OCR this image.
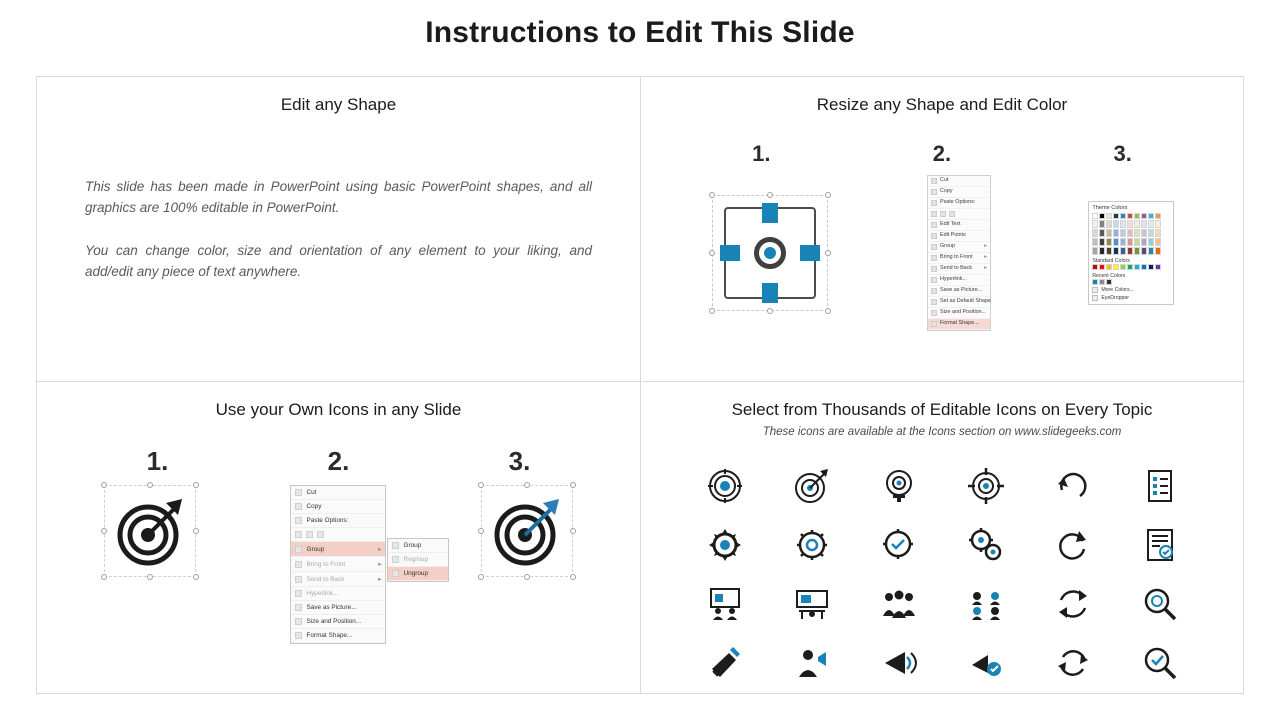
Instructions to Edit This Slide
Edit any Shape
This slide has been made in PowerPoint using basic PowerPoint shapes, and all graphics are 100% editable in PowerPoint.
You can change color, size and orientation of any element to your liking, and add/edit any piece of text anywhere.
Resize any Shape and Edit Color
1.	2.	3.
Cut
Copy
Paste Options:
Edit Text
Edit Points
Group	▸
Bring to Front ▸
Send to Back ▸
Hyperlink...
Save as Picture...
Set as Default Shape
Size and Position...
Format Shape...
Theme Colors
Standard Colors
Recent Colors
More Colors...
EyeDropper
Use your Own Icons in any Slide
1.	2.	3.
Cut
Copy
Paste Options:
Group	▸
Bring to Front	▸
Send to Back	▸
Hyperlink...
Save as Picture...
Size and Position...
Format Shape...
Group
Regroup
Ungroup
Select from Thousands of Editable Icons on Every Topic
These icons are available at the Icons section on www.slidegeeks.com
